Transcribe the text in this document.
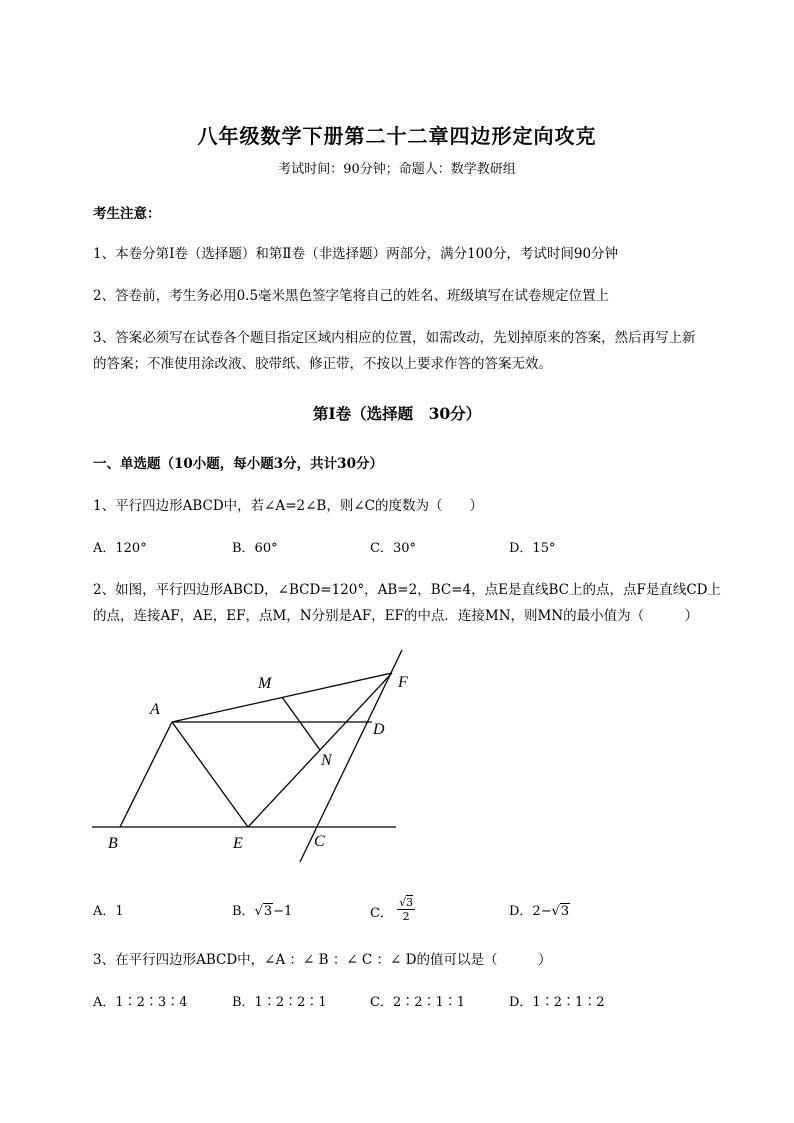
八年级数学下册第二十二章四边形定向攻克
考试时间：90分钟；命题人：数学教研组
考生注意：
1、本卷分第I卷（选择题）和第Ⅱ卷（非选择题）两部分，满分100分，考试时间90分钟
2、答卷前，考生务必用0.5毫米黑色签字笔将自己的姓名、班级填写在试卷规定位置上
3、答案必须写在试卷各个题目指定区域内相应的位置，如需改动，先划掉原来的答案，然后再写上新
的答案；不准使用涂改液、胶带纸、修正带，不按以上要求作答的答案无效。
第I卷（选择题　30分）
一、单选题（10小题，每小题3分，共计30分）
1、平行四边形ABCD中，若∠A=2∠B，则∠C的度数为（　　）
A．120°	B．60°	C．30°	D．15°
2、如图，平行四边形ABCD，∠BCD=120°，AB=2，BC=4，点E是直线BC上的点，点F是直线CD上
的点，连接AF，AE，EF，点M，N分别是AF，EF的中点．连接MN，则MN的最小值为（　　　）
A
B	C
D
E
F
M
N
A．1	B．√3−1	C． $\frac{√3}{2}$	D．2−√3
3、在平行四边形ABCD中，∠A ：∠ B ：∠ C ：∠ D的值可以是（　　　）
A．1∶2∶3∶4	B．1∶2∶2∶1	C．2∶2∶1∶1	D．1∶2∶1∶2
